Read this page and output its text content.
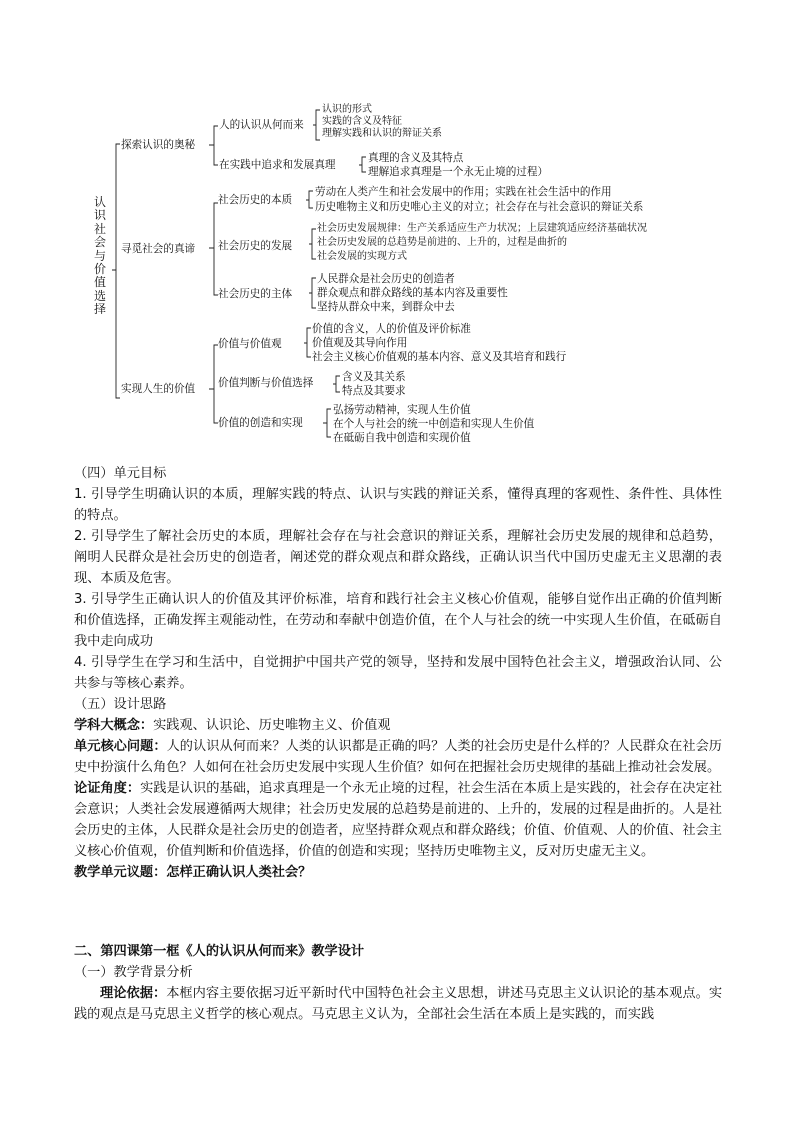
认识社会与价值选择
探索认识的奥秘
人的认识从何而来
认识的形式
实践的含义及特征
理解实践和认识的辩证关系
在实践中追求和发展真理
真理的含义及其特点
理解追求真理是一个永无止境的过程）
寻觅社会的真谛
社会历史的本质
劳动在人类产生和社会发展中的作用；实践在社会生活中的作用
历史唯物主义和历史唯心主义的对立；社会存在与社会意识的辩证关系
社会历史的发展
社会历史发展规律：生产关系适应生产力状况；上层建筑适应经济基础状况
社会历史发展的总趋势是前进的、上升的，过程是曲折的
社会发展的实现方式
社会历史的主体
人民群众是社会历史的创造者
群众观点和群众路线的基本内容及重要性
坚持从群众中来，到群众中去
实现人生的价值
价值与价值观
价值的含义，人的价值及评价标准
价值观及其导向作用
社会主义核心价值观的基本内容、意义及其培育和践行
价值判断与价值选择	含义及其关系
特点及其要求
价值的创造和实现
弘扬劳动精神，实现人生价值
在个人与社会的统一中创造和实现人生价值
在砥砺自我中创造和实现价值

（四）单元目标

1. 引导学生明确认识的本质，理解实践的特点、认识与实践的辩证关系，懂得真理的客观性、条件性、具体性的特点。

2. 引导学生了解社会历史的本质，理解社会存在与社会意识的辩证关系，理解社会历史发展的规律和总趋势，阐明人民群众是社会历史的创造者，阐述党的群众观点和群众路线，正确认识当代中国历史虚无主义思潮的表现、本质及危害。

3. 引导学生正确认识人的价值及其评价标准，培育和践行社会主义核心价值观，能够自觉作出正确的价值判断和价值选择，正确发挥主观能动性，在劳动和奉献中创造价值，在个人与社会的统一中实现人生价值，在砥砺自我中走向成功

4. 引导学生在学习和生活中，自觉拥护中国共产党的领导，坚持和发展中国特色社会主义，增强政治认同、公共参与等核心素养。

（五）设计思路

学科大概念：实践观、认识论、历史唯物主义、价值观

单元核心问题：人的认识从何而来？人类的认识都是正确的吗？人类的社会历史是什么样的？人民群众在社会历史中扮演什么角色？人如何在社会历史发展中实现人生价值？如何在把握社会历史规律的基础上推动社会发展。

论证角度：实践是认识的基础，追求真理是一个永无止境的过程，社会生活在本质上是实践的，社会存在决定社会意识；人类社会发展遵循两大规律；社会历史发展的总趋势是前进的、上升的，发展的过程是曲折的。人是社会历史的主体，人民群众是社会历史的创造者，应坚持群众观点和群众路线；价值、价值观、人的价值、社会主义核心价值观，价值判断和价值选择，价值的创造和实现；坚持历史唯物主义，反对历史虚无主义。

教学单元议题：怎样正确认识人类社会？

二、第四课第一框《人的认识从何而来》教学设计

（一）教学背景分析

理论依据：本框内容主要依据习近平新时代中国特色社会主义思想，讲述马克思主义认识论的基本观点。实践的观点是马克思主义哲学的核心观点。马克思主义认为，全部社会生活在本质上是实践的，而实践
